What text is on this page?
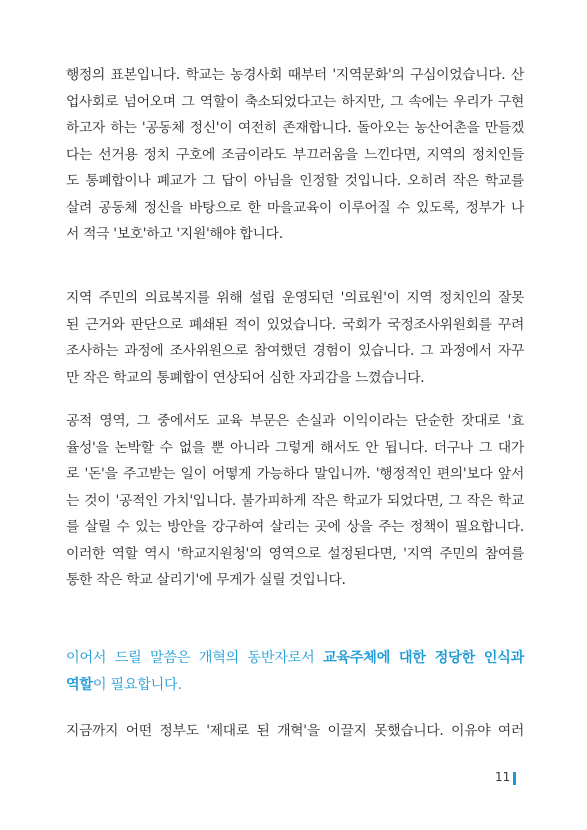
행정의 표본입니다. 학교는 농경사회 때부터 '지역문화'의 구심이었습니다. 산
업사회로 넘어오며 그 역할이 축소되었다고는 하지만, 그 속에는 우리가 구현
하고자 하는 '공동체 정신'이 여전히 존재합니다. 돌아오는 농산어촌을 만들겠
다는 선거용 정치 구호에 조금이라도 부끄러움을 느낀다면, 지역의 정치인들
도 통폐합이나 폐교가 그 답이 아님을 인정할 것입니다. 오히려 작은 학교를
살려 공동체 정신을 바탕으로 한 마을교육이 이루어질 수 있도록, 정부가 나
서 적극 '보호'하고 '지원'해야 합니다.
지역 주민의 의료복지를 위해 설립 운영되던 '의료원'이 지역 정치인의 잘못
된 근거와 판단으로 폐쇄된 적이 있었습니다. 국회가 국정조사위원회를 꾸려
조사하는 과정에 조사위원으로 참여했던 경험이 있습니다. 그 과정에서 자꾸
만 작은 학교의 통폐합이 연상되어 심한 자괴감을 느꼈습니다.
공적 영역, 그 중에서도 교육 부문은 손실과 이익이라는 단순한 잣대로 '효
율성'을 논박할 수 없을 뿐 아니라 그렇게 해서도 안 됩니다. 더구나 그 대가
로 '돈'을 주고받는 일이 어떻게 가능하다 말입니까. '행정적인 편의'보다 앞서
는 것이 '공적인 가치'입니다. 불가피하게 작은 학교가 되었다면, 그 작은 학교
를 살릴 수 있는 방안을 강구하여 살리는 곳에 상을 주는 정책이 필요합니다.
이러한 역할 역시 '학교지원청'의 영역으로 설정된다면, '지역 주민의 참여를
통한 작은 학교 살리기'에 무게가 실릴 것입니다.
이어서 드릴 말씀은 개혁의 동반자로서 교육주체에 대한 정당한 인식과
역할이 필요합니다.
지금까지 어떤 정부도 '제대로 된 개혁'을 이끌지 못했습니다. 이유야 여러
11
